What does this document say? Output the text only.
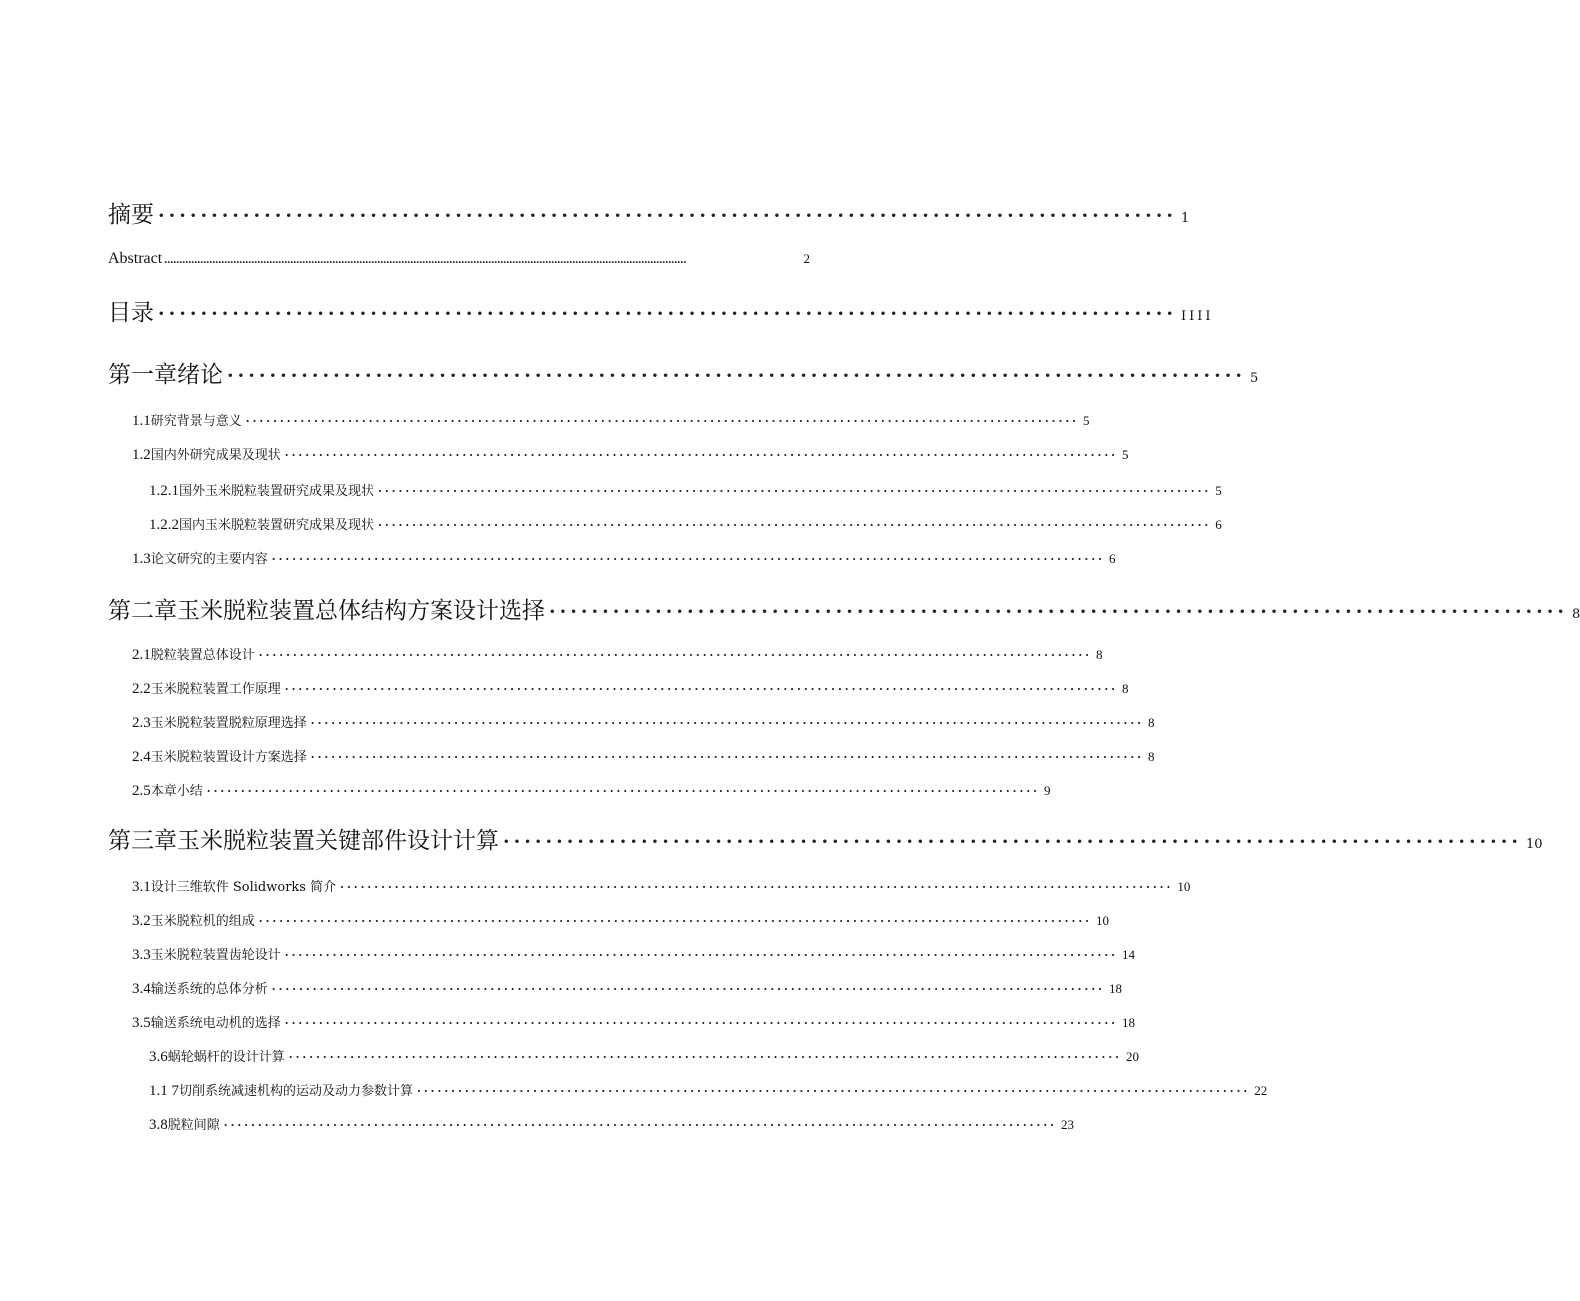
摘要 ································································································ 1
Abstract ..............................................................................................................................................................................	2
目录 ································································································ IIII
第一章绪论 ································································································ 5
1.1 研究背景与意义 ·························································································································· 5
1.2 国内外研究成果及现状 ·························································································································· 5
1.2.1 国外玉米脱粒装置研究成果及现状 ·························································································································· 5
1.2.2 国内玉米脱粒装置研究成果及现状 ·························································································································· 6
1.3 论文研究的主要内容 ·························································································································· 6
第二章玉米脱粒装置总体结构方案设计选择 ································································································ 8
2.1 脱粒装置总体设计 ·························································································································· 8
2.2 玉米脱粒装置工作原理 ·························································································································· 8
2.3 玉米脱粒装置脱粒原理选择 ·························································································································· 8
2.4 玉米脱粒装置设计方案选择 ·························································································································· 8
2.5 本章小结 ·························································································································· 9
第三章玉米脱粒装置关键部件设计计算 ································································································ 10
3.1 设计三维软件 Solidworks 简介 ·························································································································· 10
3.2 玉米脱粒机的组成 ·························································································································· 10
3.3 玉米脱粒装置齿轮设计 ·························································································································· 14
3.4 输送系统的总体分析 ·························································································································· 18
3.5 输送系统电动机的选择 ·························································································································· 18
3.6 蜗轮蜗杆的设计计算 ·························································································································· 20
1.1 7 切削系统减速机构的运动及动力参数计算 ·························································································································· 22
3.8 脱粒间隙 ·························································································································· 23
